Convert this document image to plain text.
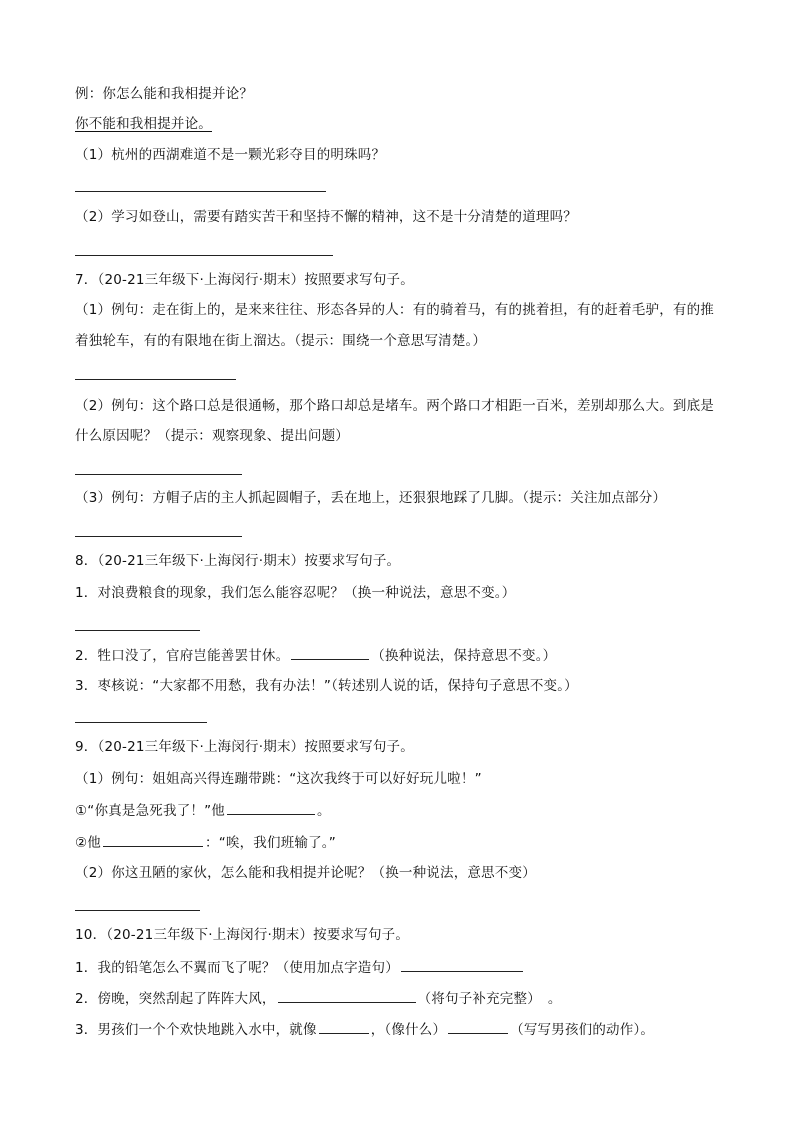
例：你怎么能和我相提并论？
你不能和我相提并论。
（1）杭州的西湖难道不是一颗光彩夺目的明珠吗？
（2）学习如登山，需要有踏实苦干和坚持不懈的精神，这不是十分清楚的道理吗？
7．（20-21三年级下·上海闵行·期末）按照要求写句子。
（1）例句：走在街上的，是来来往往、形态各异的人：有的骑着马，有的挑着担，有的赶着毛驴，有的推
着独轮车，有的有限地在街上溜达。（提示：围绕一个意思写清楚。）
（2）例句：这个路口总是很通畅，那个路口却总是堵车。两个路口才相距一百米，差别却那么大。到底是
什么原因呢？（提示：观察现象、提出问题）
（3）例句：方帽子店的主人抓起圆帽子，丢在地上，还狠狠地踩了几脚。（提示：关注加点部分）
8．（20-21三年级下·上海闵行·期末）按要求写句子。
1．对浪费粮食的现象，我们怎么能容忍呢？（换一种说法，意思不变。）
2．牲口没了，官府岂能善罢甘休。	（换种说法，保持意思不变。）
3．枣核说：“大家都不用愁，我有办法！”（转述别人说的话，保持句子意思不变。）
9．（20-21三年级下·上海闵行·期末）按照要求写句子。
（1）例句：姐姐高兴得连蹦带跳：“这次我终于可以好好玩儿啦！”
①“你真是急死我了！”他	。
②他	：“唉，我们班输了。”
（2）你这丑陋的家伙，怎么能和我相提并论呢？（换一种说法，意思不变）
10．（20-21三年级下·上海闵行·期末）按要求写句子。
1．我的铅笔怎么不翼而飞了呢？（使用加点字造句）
2．傍晚，突然刮起了阵阵大风，	（将句子补充完整）　。
3．男孩们一个个欢快地跳入水中，就像	，（像什么）	（写写男孩们的动作）。
